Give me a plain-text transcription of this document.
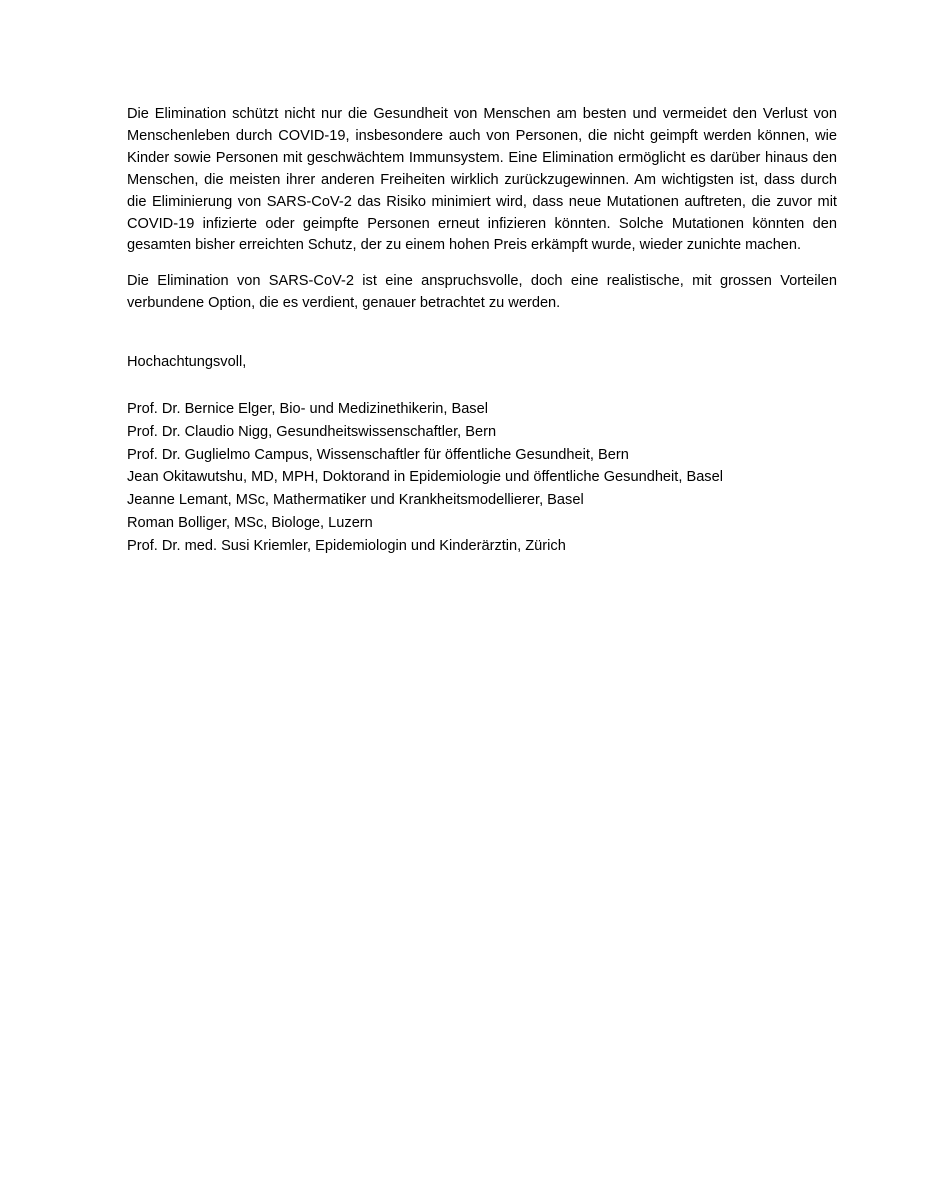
Die Elimination schützt nicht nur die Gesundheit von Menschen am besten und vermeidet den Verlust von Menschenleben durch COVID-19, insbesondere auch von Personen, die nicht geimpft werden können, wie Kinder sowie Personen mit geschwächtem Immunsystem. Eine Elimination ermöglicht es darüber hinaus den Menschen, die meisten ihrer anderen Freiheiten wirklich zurückzugewinnen. Am wichtigsten ist, dass durch die Eliminierung von SARS-CoV-2 das Risiko minimiert wird, dass neue Mutationen auftreten, die zuvor mit COVID-19 infizierte oder geimpfte Personen erneut infizieren könnten. Solche Mutationen könnten den gesamten bisher erreichten Schutz, der zu einem hohen Preis erkämpft wurde, wieder zunichte machen.

Die Elimination von SARS-CoV-2 ist eine anspruchsvolle, doch eine realistische, mit grossen Vorteilen verbundene Option, die es verdient, genauer betrachtet zu werden.

Hochachtungsvoll,

Prof. Dr. Bernice Elger, Bio- und Medizinethikerin, Basel
Prof. Dr. Claudio Nigg, Gesundheitswissenschaftler, Bern
Prof. Dr. Guglielmo Campus, Wissenschaftler für öffentliche Gesundheit, Bern
Jean Okitawutshu, MD, MPH, Doktorand in Epidemiologie und öffentliche Gesundheit, Basel
Jeanne Lemant, MSc, Mathermatiker und Krankheitsmodellierer, Basel
Roman Bolliger, MSc, Biologe, Luzern
Prof. Dr. med. Susi Kriemler, Epidemiologin und Kinderärztin, Zürich
